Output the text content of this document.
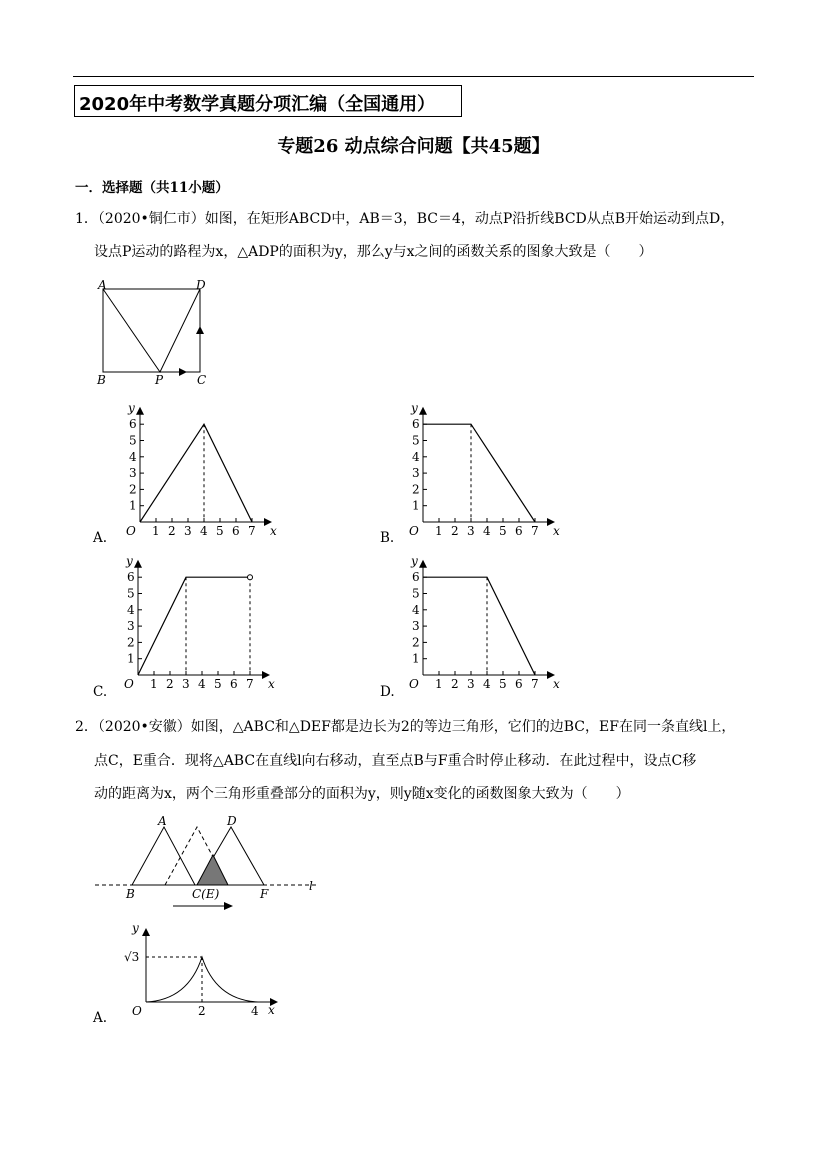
2020年中考数学真题分项汇编（全国通用）
专题26 动点综合问题【共45题】
一．选择题（共11小题）
1．（2020•铜仁市）如图，在矩形ABCD中，AB＝3，BC＝4，动点P沿折线BCD从点B开始运动到点D，
设点P运动的路程为x，△ADP的面积为y，那么y与x之间的函数关系的图象大致是（　　）
A	D
B	C
P
1
2
3
4
5
6
1 2 3 4 5 6 7
y
x
O
A.
1
2
3
4
5
6
1 2 3 4 5 6 7
y
x
O
B.
1
2
3
4
5
6
1 2 3 4 5 6 7
y
x
O
C.
1
2
3
4
5
6
1 2 3 4 5 6 7
y
x
O
D.
2．（2020•安徽）如图，△ABC和△DEF都是边长为2的等边三角形，它们的边BC，EF在同一条直线l上，
点C，E重合．现将△ABC在直线l向右移动，直至点B与F重合时停止移动．在此过程中，设点C移
动的距离为x，两个三角形重叠部分的面积为y，则y随x变化的函数图象大致为（　　）
A	D
B	C(E)	F
l
y
x
O
√3
2	4
A.
